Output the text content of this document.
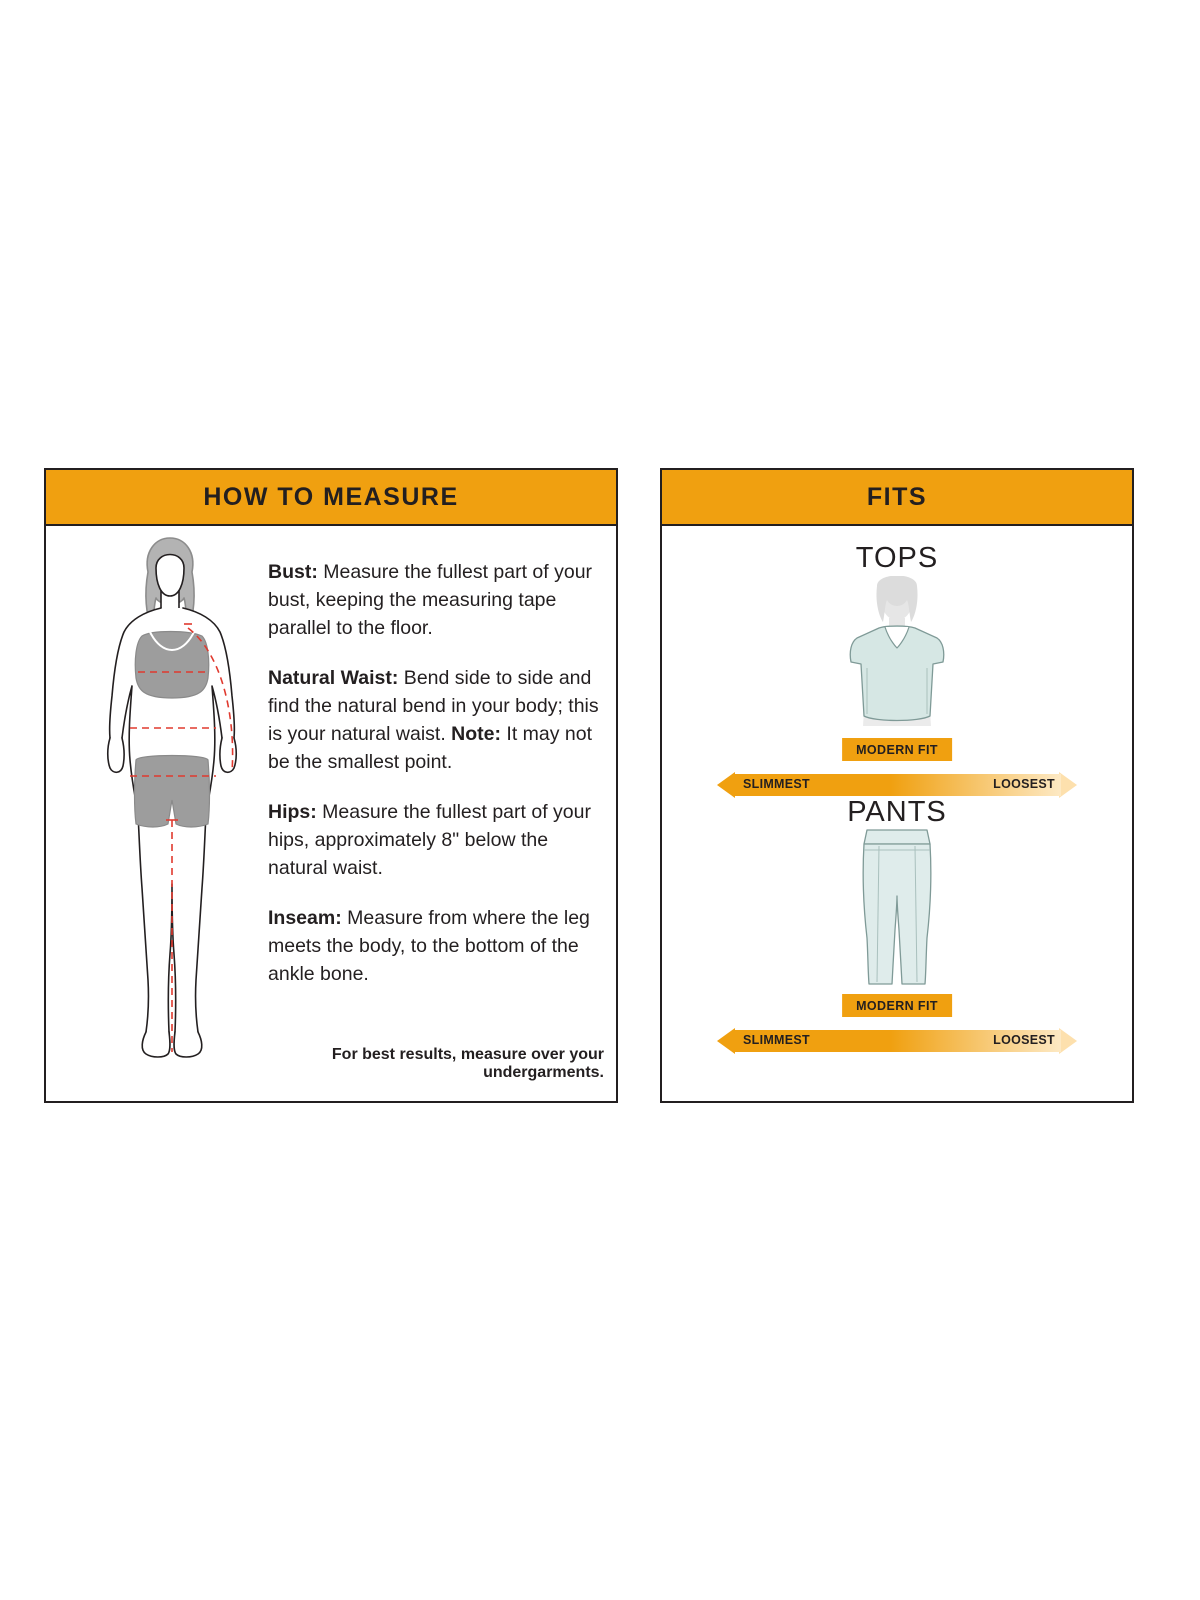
HOW TO MEASURE

Bust: Measure the fullest part of your bust, keeping the measuring tape parallel to the floor.

Natural Waist: Bend side to side and find the natural bend in your body; this is your natural waist. Note: It may not be the smallest point.

Hips: Measure the fullest part of your hips, approximately 8" below the natural waist.

Inseam: Measure from where the leg meets the body, to the bottom of the ankle bone.

For best results, measure over your undergarments.
FITS
TOPS
MODERN FIT
SLIMMEST	LOOSEST
PANTS
MODERN FIT
SLIMMEST	LOOSEST
